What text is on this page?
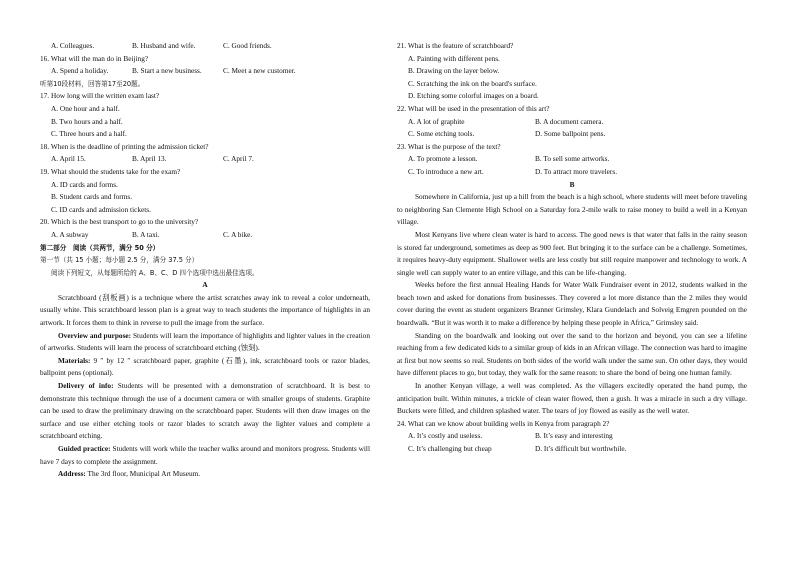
A. Colleagues.	B. Husband and wife.	C. Good friends.
16. What will the man do in Beijing?
A. Spend a holiday.	B. Start a new business.	C. Meet a new customer.
听第10段材料，回答第17至20题。
17. How long will the written exam last?
A. One hour and a half.
B. Two hours and a half.
C. Three hours and a half.
18. When is the deadline of printing the admission ticket?
A. April 15.	B. April 13.	C. April 7.
19. What should the students take for the exam?
A. ID cards and forms.
B. Student cards and forms.
C. ID cards and admission tickets.
20. Which is the best transport to go to the university?
A. A subway	B. A taxi.	C. A bike.
第二部分　阅读（共两节，满分 50 分）
第一节（共 15 小题；每小题 2.5 分，满分 37.5 分）
阅读下列短文，从每题所给的 A、B、C、D 四个选项中选出最佳选项。
A

Scratchboard (刮板画) is a technique where the artist scratches away ink to reveal a color underneath, usually white. This scratchboard lesson plan is a great way to teach students the importance of highlights in an artwork. It forces them to think in reverse to pull the image from the surface.

Overview and purpose: Students will learn the importance of highlights and lighter values in the creation of artworks. Students will learn the process of scratchboard etching (蚀刻).

Materials: 9 ″ by 12 ″ scratchboard paper, graphite (石墨), ink, scratchboard tools or razor blades, ballpoint pens (optional).

Delivery of info: Students will be presented with a demonstration of scratchboard. It is best to demonstrate this technique through the use of a document camera or with smaller groups of students. Graphite can be used to draw the preliminary drawing on the scratchboard paper. Students will then draw images on the surface and use either etching tools or razor blades to scratch away the lighter values and complete a scratchboard etching.

Guided practice: Students will work while the teacher walks around and monitors progress. Students will have 7 days to complete the assignment.

Address: The 3rd floor, Municipal Art Museum.

21. What is the feature of scratchboard?
A. Painting with different pens.
B. Drawing on the layer below.
C. Scratching the ink on the board's surface.
D. Etching some colorful images on a board.
22. What will be used in the presentation of this art?
A. A lot of graphite	B. A document camera.
C. Some etching tools.	D. Some ballpoint pens.
23. What is the purpose of the text?
A. To promote a lesson.	B. To sell some artworks.
C. To introduce a new art.	D. To attract more travelers.
B

Somewhere in California, just up a hill from the beach is a high school, where students will meet before traveling to neighboring San Clemente High School on a Saturday fora 2-mile walk to raise money to build a well in a Kenyan village.

Most Kenyans live where clean water is hard to access. The good news is that water that falls in the rainy season is stored far underground, sometimes as deep as 900 feet. But bringing it to the surface can be a challenge. Sometimes, it requires heavy-duty equipment. Shallower wells are less costly but still require manpower and technology to work. A single well can supply water to an entire village, and this can be life-changing.

Weeks before the first annual Healing Hands for Water Walk Fundraiser event in 2012, students walked in the beach town and asked for donations from businesses. They covered a lot more distance than the 2 miles they would cover during the event as student organizers Branner Grimsley, Klara Gundelach and Solveig Emgren pounded on the boardwalk. “But it was worth it to make a difference by helping these people in Africa,” Grimsley said.

Standing on the boardwalk and looking out over the sand to the horizon and beyond, you can see a lifeline reaching from a few dedicated kids to a similar group of kids in an African village. The connection was hard to imagine at first but now seems so real. Students on both sides of the world walk under the same sun. On other days, they would have different places to go, but today, they walk for the same reason: to share the bond of being one human family.

In another Kenyan village, a well was completed. As the villagers excitedly operated the hand pump, the anticipation built. Within minutes, a trickle of clean water flowed, then a gush. It was a miracle in such a dry village. Buckets were filled, and children splashed water. The tears of joy flowed as easily as the well water.

24. What can we know about building wells in Kenya from paragraph 2?
A. It’s costly and useless.	B. It’s easy and interesting
C. It’s challenging but cheap	D. It’s difficult but worthwhile.
